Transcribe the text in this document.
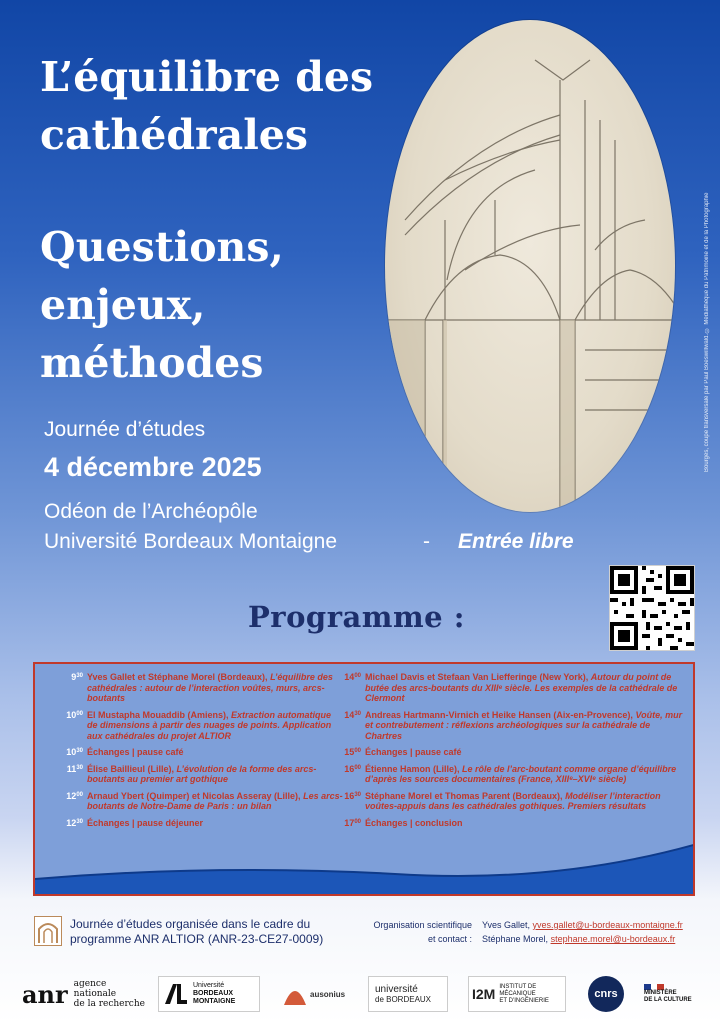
L’équilibre des cathédrales
Questions, enjeux, méthodes
Journée d’études
4 décembre 2025
Odéon de l’Archéopôle
Université Bordeaux Montaigne	- Entrée libre
Bourges, coupe transversale par Paul Boeswillwald. © Médiathèque du Patrimoine et de la Photographie
Programme :
$9^{30}$ Yves Gallet et Stéphane Morel (Bordeaux), L’équilibre des cathédrales : autour de l’interaction voûtes, murs, arcs-boutants
$10^{00}$ El Mustapha Mouaddib (Amiens), Extraction automatique de dimensions à partir des nuages de points. Application aux cathédrales du projet ALTIOR
$10^{30}$ Échanges | pause café
$11^{30}$ Élise Baillieul (Lille), L’évolution de la forme des arcs-boutants au premier art gothique
$12^{00}$ Arnaud Ybert (Quimper) et Nicolas Asseray (Lille), Les arcs-boutants de Notre-Dame de Paris : un bilan
$12^{30}$ Échanges | pause déjeuner
$14^{00}$ Michael Davis et Stefaan Van Liefferinge (New York), Autour du point de butée des arcs-boutants du XIIIᵉ siècle. Les exemples de la cathédrale de Clermont
$14^{30}$ Andreas Hartmann-Virnich et Heike Hansen (Aix-en-Provence), Voûte, mur et contrebutement : réflexions archéologiques sur la cathédrale de Chartres
$15^{00}$ Échanges | pause café
$16^{00}$ Étienne Hamon (Lille), Le rôle de l’arc-boutant comme organe d’équilibre d’après les sources documentaires (France, XIIIᵉ–XVIᵉ siècle)
$16^{30}$ Stéphane Morel et Thomas Parent (Bordeaux), Modéliser l’interaction voûtes-appuis dans les cathédrales gothiques. Premiers résultats
$17^{00}$ Échanges | conclusion
Journée d’études organisée dans le cadre du programme ANR ALTIOR (ANR-23-CE27-0009)
Organisation scientifique
et contact :
Yves Gallet, yves.gallet@u-bordeaux-montaigne.fr
Stéphane Morel, stephane.morel@u-bordeaux.fr
anr agence nationale
de la recherche
Université
BORDEAUX
MONTAIGNE
ausonius	université
de BORDEAUX	I2M INSTITUT DE
MÉCANIQUE
ET D’INGÉNIERIE
cnrs	MINISTÈRE
DE LA CULTURE
